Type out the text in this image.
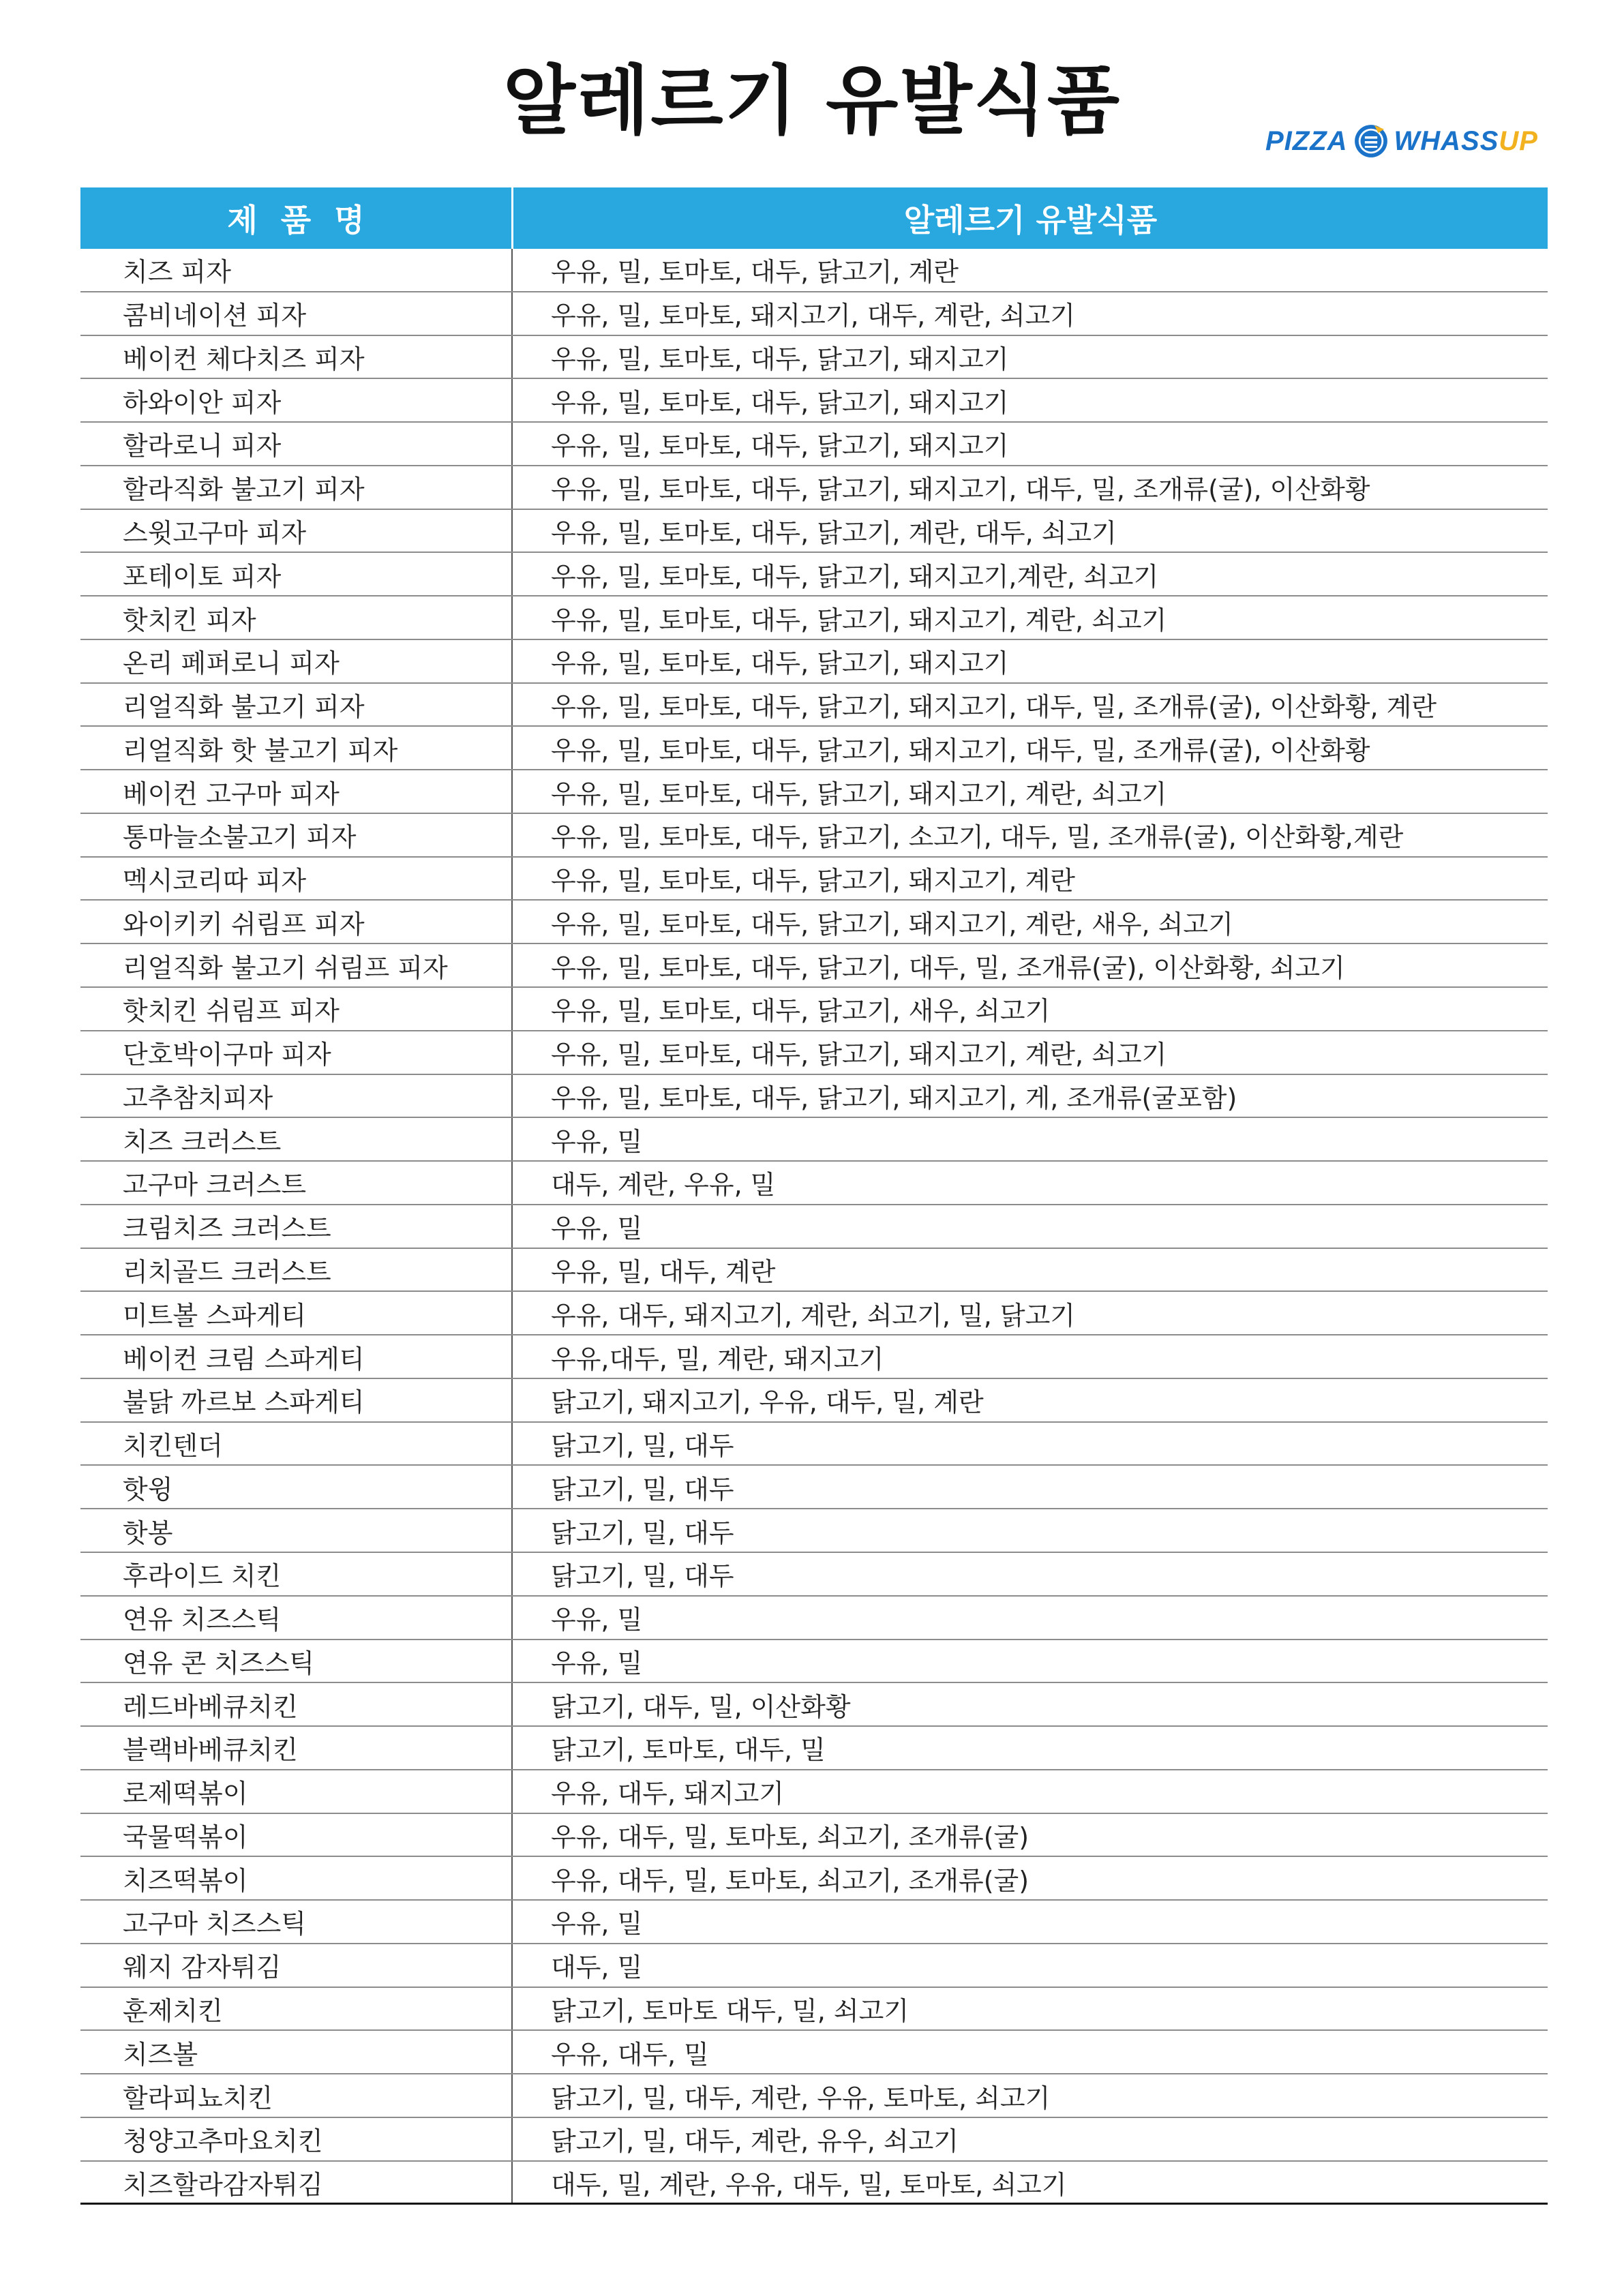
알레르기 유발식품	PIZZA WHASSUP
제품명	알레르기 유발식품
치즈 피자	우유, 밀, 토마토, 대두, 닭고기, 계란
콤비네이션 피자	우유, 밀, 토마토, 돼지고기, 대두, 계란, 쇠고기
베이컨 체다치즈 피자	우유, 밀, 토마토, 대두, 닭고기, 돼지고기
하와이안 피자	우유, 밀, 토마토, 대두, 닭고기, 돼지고기
할라로니 피자	우유, 밀, 토마토, 대두, 닭고기, 돼지고기
할라직화 불고기 피자	우유, 밀, 토마토, 대두, 닭고기, 돼지고기, 대두, 밀, 조개류(굴), 이산화황
스윗고구마 피자	우유, 밀, 토마토, 대두, 닭고기, 계란, 대두, 쇠고기
포테이토 피자	우유, 밀, 토마토, 대두, 닭고기, 돼지고기,계란, 쇠고기
핫치킨 피자	우유, 밀, 토마토, 대두, 닭고기, 돼지고기, 계란, 쇠고기
온리 페퍼로니 피자	우유, 밀, 토마토, 대두, 닭고기, 돼지고기
리얼직화 불고기 피자	우유, 밀, 토마토, 대두, 닭고기, 돼지고기, 대두, 밀, 조개류(굴), 이산화황, 계란
리얼직화 핫 불고기 피자	우유, 밀, 토마토, 대두, 닭고기, 돼지고기, 대두, 밀, 조개류(굴), 이산화황
베이컨 고구마 피자	우유, 밀, 토마토, 대두, 닭고기, 돼지고기, 계란, 쇠고기
통마늘소불고기 피자	우유, 밀, 토마토, 대두, 닭고기, 소고기, 대두, 밀, 조개류(굴), 이산화황,계란
멕시코리따 피자	우유, 밀, 토마토, 대두, 닭고기, 돼지고기, 계란
와이키키 쉬림프 피자	우유, 밀, 토마토, 대두, 닭고기, 돼지고기, 계란, 새우, 쇠고기
리얼직화 불고기 쉬림프 피자	우유, 밀, 토마토, 대두, 닭고기, 대두, 밀, 조개류(굴), 이산화황, 쇠고기
핫치킨 쉬림프 피자	우유, 밀, 토마토, 대두, 닭고기, 새우, 쇠고기
단호박이구마 피자	우유, 밀, 토마토, 대두, 닭고기, 돼지고기, 계란, 쇠고기
고추참치피자	우유, 밀, 토마토, 대두, 닭고기, 돼지고기, 게, 조개류(굴포함)
치즈 크러스트	우유, 밀
고구마 크러스트	대두, 계란, 우유, 밀
크림치즈 크러스트	우유, 밀
리치골드 크러스트	우유, 밀, 대두, 계란
미트볼 스파게티	우유, 대두, 돼지고기, 계란, 쇠고기, 밀, 닭고기
베이컨 크림 스파게티	우유,대두, 밀, 계란, 돼지고기
불닭 까르보 스파게티	닭고기, 돼지고기, 우유, 대두, 밀, 계란
치킨텐더	닭고기, 밀, 대두
핫윙	닭고기, 밀, 대두
핫봉	닭고기, 밀, 대두
후라이드 치킨	닭고기, 밀, 대두
연유 치즈스틱	우유, 밀
연유 콘 치즈스틱	우유, 밀
레드바베큐치킨	닭고기, 대두, 밀, 이산화황
블랙바베큐치킨	닭고기, 토마토, 대두, 밀
로제떡볶이	우유, 대두, 돼지고기
국물떡볶이	우유, 대두, 밀, 토마토, 쇠고기, 조개류(굴)
치즈떡볶이	우유, 대두, 밀, 토마토, 쇠고기, 조개류(굴)
고구마 치즈스틱	우유, 밀
웨지 감자튀김	대두, 밀
훈제치킨	닭고기, 토마토 대두, 밀, 쇠고기
치즈볼	우유, 대두, 밀
할라피뇨치킨	닭고기, 밀, 대두, 계란, 우유, 토마토, 쇠고기
청양고추마요치킨	닭고기, 밀, 대두, 계란, 유우, 쇠고기
치즈할라감자튀김	대두, 밀, 계란, 우유, 대두, 밀, 토마토, 쇠고기
